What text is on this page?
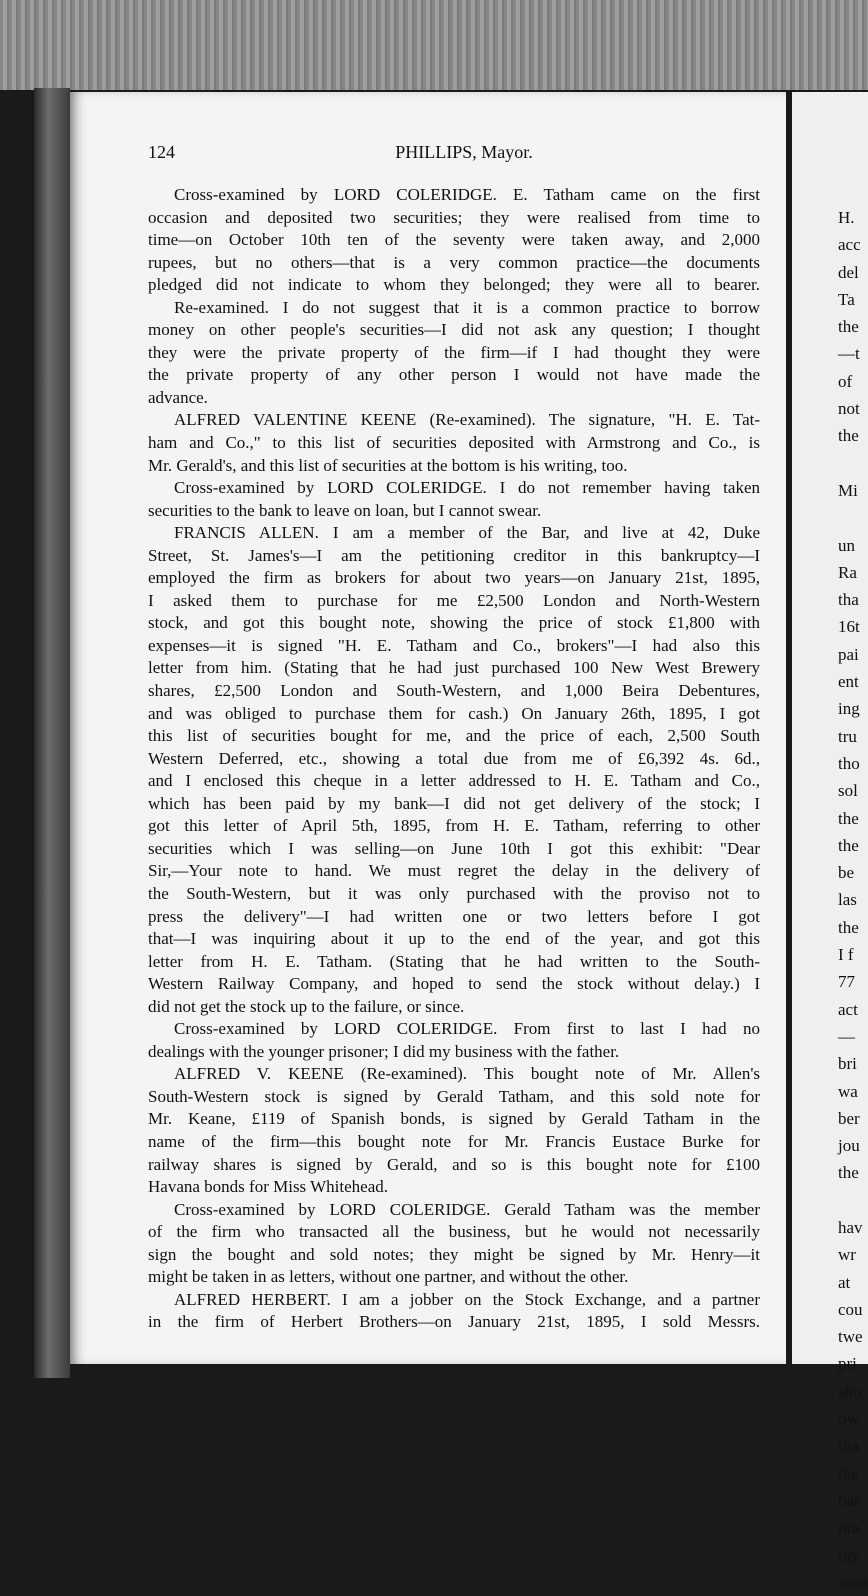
124	PHILLIPS, Mayor.
Cross-examined by LORD COLERIDGE. E. Tatham came on the first
occasion and deposited two securities; they were realised from time to
time—on October 10th ten of the seventy were taken away, and 2,000
rupees, but no others—that is a very common practice—the documents
pledged did not indicate to whom they belonged; they were all to bearer.
Re-examined. I do not suggest that it is a common practice to borrow
money on other people's securities—I did not ask any question; I thought
they were the private property of the firm—if I had thought they were
the private property of any other person I would not have made the
advance.
ALFRED VALENTINE KEENE (Re-examined). The signature, "H. E. Tat-
ham and Co.," to this list of securities deposited with Armstrong and Co., is
Mr. Gerald's, and this list of securities at the bottom is his writing, too.
Cross-examined by LORD COLERIDGE. I do not remember having taken
securities to the bank to leave on loan, but I cannot swear.
FRANCIS ALLEN. I am a member of the Bar, and live at 42, Duke
Street, St. James's—I am the petitioning creditor in this bankruptcy—I
employed the firm as brokers for about two years—on January 21st, 1895,
I asked them to purchase for me £2,500 London and North-Western
stock, and got this bought note, showing the price of stock £1,800 with
expenses—it is signed "H. E. Tatham and Co., brokers"—I had also this
letter from him. (Stating that he had just purchased 100 New West Brewery
shares, £2,500 London and South-Western, and 1,000 Beira Debentures,
and was obliged to purchase them for cash.) On January 26th, 1895, I got
this list of securities bought for me, and the price of each, 2,500 South
Western Deferred, etc., showing a total due from me of £6,392 4s. 6d.,
and I enclosed this cheque in a letter addressed to H. E. Tatham and Co.,
which has been paid by my bank—I did not get delivery of the stock; I
got this letter of April 5th, 1895, from H. E. Tatham, referring to other
securities which I was selling—on June 10th I got this exhibit: "Dear
Sir,—Your note to hand. We must regret the delay in the delivery of
the South-Western, but it was only purchased with the proviso not to
press the delivery"—I had written one or two letters before I got
that—I was inquiring about it up to the end of the year, and got this
letter from H. E. Tatham. (Stating that he had written to the South-
Western Railway Company, and hoped to send the stock without delay.) I
did not get the stock up to the failure, or since.
Cross-examined by LORD COLERIDGE. From first to last I had no
dealings with the younger prisoner; I did my business with the father.
ALFRED V. KEENE (Re-examined). This bought note of Mr. Allen's
South-Western stock is signed by Gerald Tatham, and this sold note for
Mr. Keane, £119 of Spanish bonds, is signed by Gerald Tatham in the
name of the firm—this bought note for Mr. Francis Eustace Burke for
railway shares is signed by Gerald, and so is this bought note for £100
Havana bonds for Miss Whitehead.
Cross-examined by LORD COLERIDGE. Gerald Tatham was the member
of the firm who transacted all the business, but he would not necessarily
sign the bought and sold notes; they might be signed by Mr. Henry—it
might be taken in as letters, without one partner, and without the other.
ALFRED HERBERT. I am a jobber on the Stock Exchange, and a partner
in the firm of Herbert Brothers—on January 21st, 1895, I sold Messrs.
H.
acc
del
Ta
the
—t
of
not
the
Mi
un
Ra
tha
16t
pai
ent
ing
tru
tho
sol
the
the
be
las
the
I f
77
act
—
bri
wa
ber
jou
the
hav
wr
at
cou
twe
pri
sho
ow
tha
the
bar
pra
my
secu
